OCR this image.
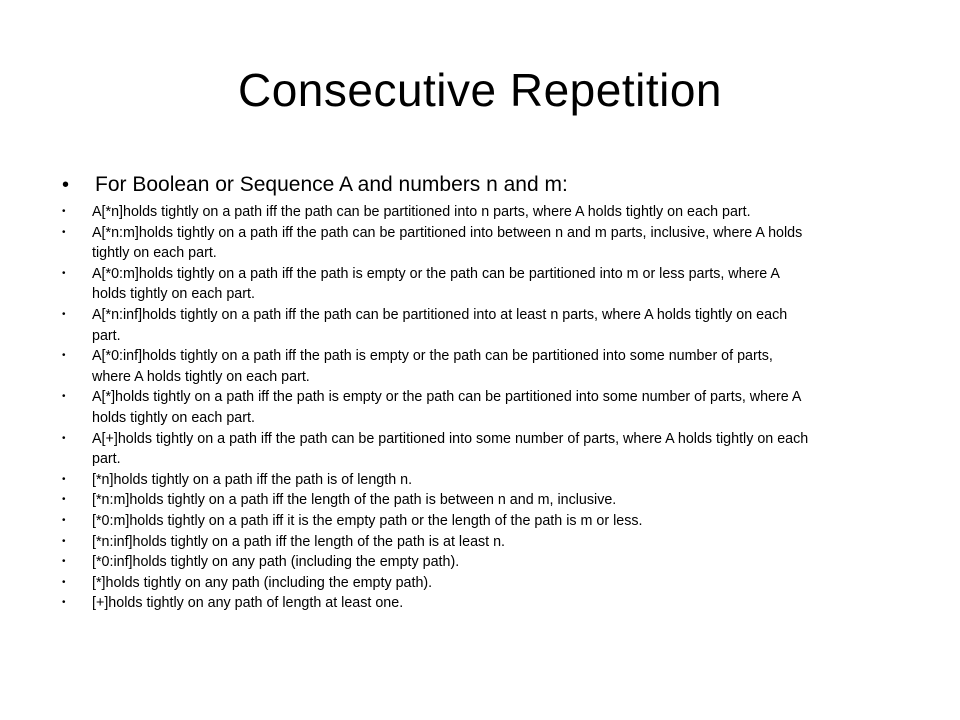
Consecutive Repetition
•	For Boolean or Sequence A and numbers n and m:
• A[*n]holds tightly on a path iff the path can be partitioned into n parts, where A holds tightly on each part.
• A[*n:m]holds tightly on a path iff the path can be partitioned into between n and m parts, inclusive, where A holds tightly on each part.
• A[*0:m]holds tightly on a path iff the path is empty or the path can be partitioned into m or less parts, where A holds tightly on each part.
• A[*n:inf]holds tightly on a path iff the path can be partitioned into at least n parts, where A holds tightly on each part.
• A[*0:inf]holds tightly on a path iff the path is empty or the path can be partitioned into some number of parts, where A holds tightly on each part.
• A[*]holds tightly on a path iff the path is empty or the path can be partitioned into some number of parts, where A holds tightly on each part.
• A[+]holds tightly on a path iff the path can be partitioned into some number of parts, where A holds tightly on each part.
• [*n]holds tightly on a path iff the path is of length n.
• [*n:m]holds tightly on a path iff the length of the path is between n and m, inclusive.
• [*0:m]holds tightly on a path iff it is the empty path or the length of the path is m or less.
• [*n:inf]holds tightly on a path iff the length of the path is at least n.
• [*0:inf]holds tightly on any path (including the empty path).
• [*]holds tightly on any path (including the empty path).
• [+]holds tightly on any path of length at least one.
